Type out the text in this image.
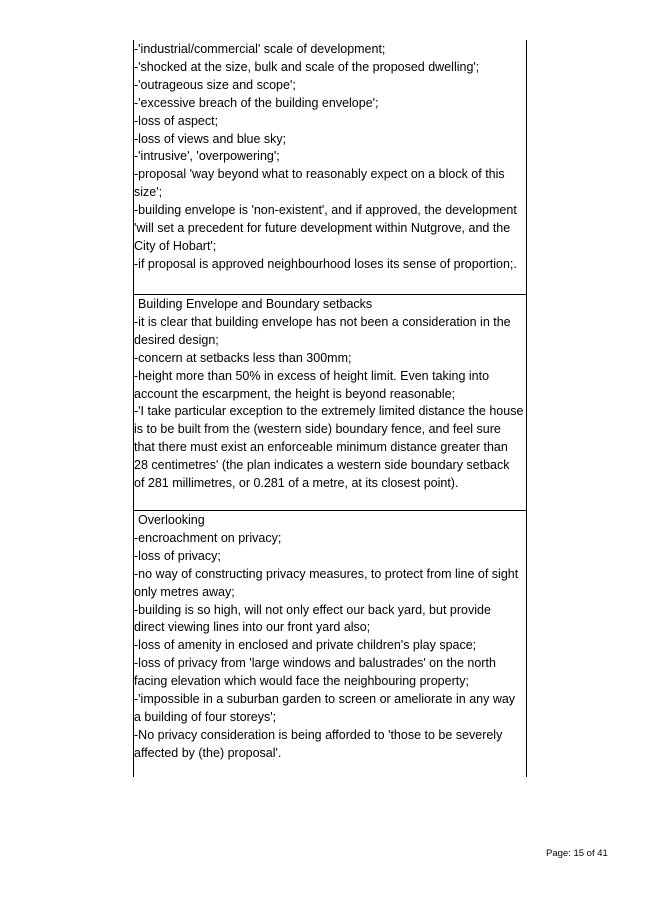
-'industrial/commercial' scale of development;
-'shocked at the size, bulk and scale of the proposed dwelling';
-'outrageous size and scope';
-'excessive breach of the building envelope';
-loss of aspect;
-loss of views and blue sky;
-'intrusive', 'overpowering';
-proposal 'way beyond what to reasonably expect on a block of this
size';
-building envelope is 'non-existent', and if approved, the development
'will set a precedent for future development within Nutgrove, and the
City of Hobart';
-if proposal is approved neighbourhood loses its sense of proportion;.
Building Envelope and Boundary setbacks
-it is clear that building envelope has not been a consideration in the
desired design;
-concern at setbacks less than 300mm;
-height more than 50% in excess of height limit. Even taking into
account the escarpment, the height is beyond reasonable;
-'I take particular exception to the extremely limited distance the house
is to be built from the (western side) boundary fence, and feel sure
that there must exist an enforceable minimum distance greater than
28 centimetres' (the plan indicates a western side boundary setback
of 281 millimetres, or 0.281 of a metre, at its closest point).
Overlooking
-encroachment on privacy;
-loss of privacy;
-no way of constructing privacy measures, to protect from line of sight
only metres away;
-building is so high, will not only effect our back yard, but provide
direct viewing lines into our front yard also;
-loss of amenity in enclosed and private children's play space;
-loss of privacy from 'large windows and balustrades' on the north
facing elevation which would face the neighbouring property;
-'impossible in a suburban garden to screen or ameliorate in any way
a building of four storeys';
-No privacy consideration is being afforded to 'those to be severely
affected by (the) proposal'.
Page: 15 of 41
